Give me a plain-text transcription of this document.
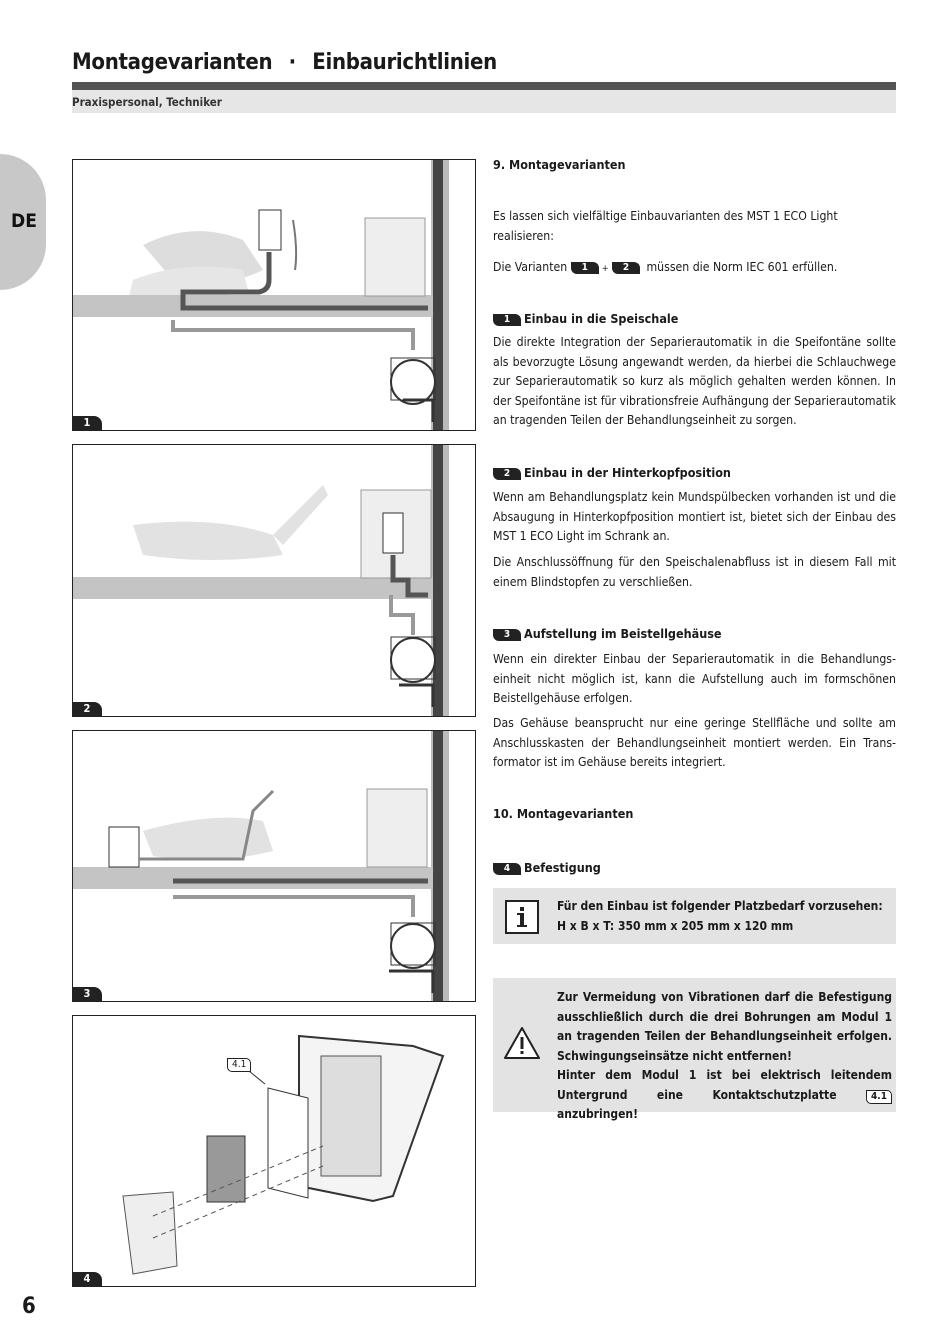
Montagevarianten · Einbaurichtlinien
Praxispersonal, Techniker
DE
1
2
3
4.1
4
9. Montagevarianten
Es lassen sich vielfältige Einbauvarianten des MST 1 ECO Light realisieren:
Die Varianten 1 + 2 müssen die Norm IEC 601 erfüllen.
1 Einbau in die Speischale

Die direkte Integration der Separierautomatik in die Speifontäne sollte als bevorzugte Lösung angewandt werden, da hierbei die Schlauchwege zur Separierautomatik so kurz als möglich gehalten werden können. In der Speifontäne ist für vibrationsfreie Aufhängung der Separierautomatik an tragenden Teilen der Behandlungseinheit zu sorgen.

2 Einbau in der Hinterkopfposition

Wenn am Behandlungsplatz kein Mundspülbecken vorhanden ist und die Absaugung in Hinterkopfposition montiert ist, bietet sich der Einbau des MST 1 ECO Light im Schrank an.

Die Anschlussöffnung für den Speischalenabfluss ist in diesem Fall mit einem Blindstopfen zu verschließen.

3 Aufstellung im Beistellgehäuse

Wenn ein direkter Einbau der Separierautomatik in die Behandlungseinheit nicht möglich ist, kann die Aufstellung auch im formschönen Beistellgehäuse erfolgen.

Das Gehäuse beansprucht nur eine geringe Stellfläche und sollte am Anschlusskasten der Behandlungseinheit montiert werden. Ein Transformator ist im Gehäuse bereits integriert.

10. Montagevarianten
4 Befestigung
Für den Einbau ist folgender Platzbedarf vorzusehen:
H x B x T: 350 mm x 205 mm x 120 mm
Zur Vermeidung von Vibrationen darf die Befestigung ausschließlich durch die drei Bohrungen am Modul 1 an tragenden Teilen der Behandlungseinheit erfolgen. Schwingungseinsätze nicht entfernen!
Hinter dem Modul 1 ist bei elektrisch leitendem Untergrund eine Kontaktschutzplatte	4.1 anzubringen!
6
